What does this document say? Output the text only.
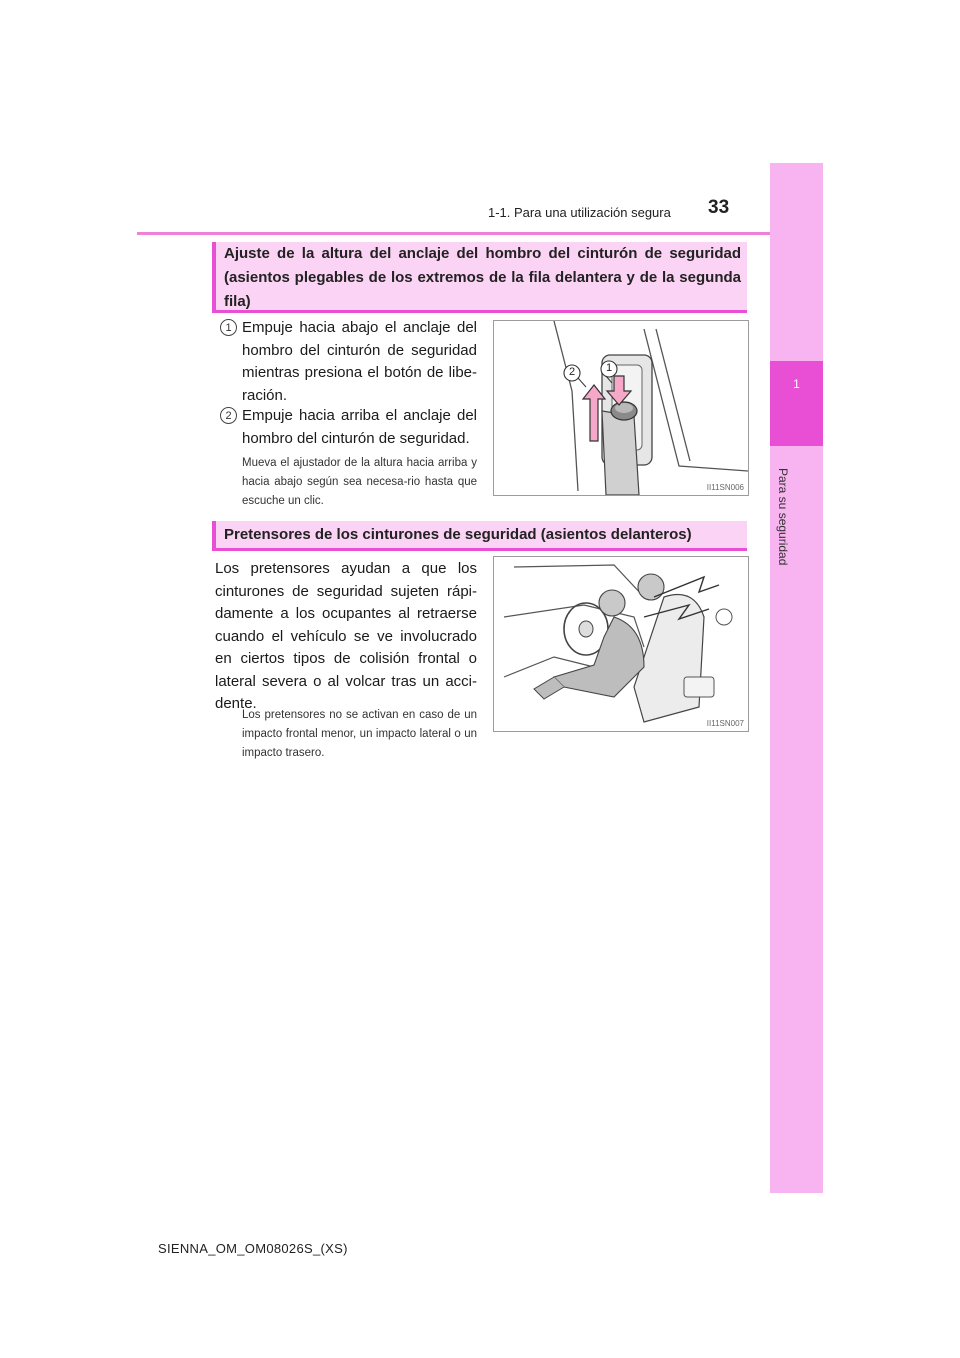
1-1. Para una utilización segura 33
1
Para su seguridad
Ajuste de la altura del anclaje del hombro del cinturón de seguridad (asientos plegables de los extremos de la fila delantera y de la segunda fila)
1 Empuje hacia abajo el anclaje del hombro del cinturón de seguridad mientras presiona el botón de libe-ración.
2 Empuje hacia arriba el anclaje del hombro del cinturón de seguridad.
Mueva el ajustador de la altura hacia arriba y hacia abajo según sea necesa-rio hasta que escuche un clic.
1
2
II11SN006
Pretensores de los cinturones de seguridad (asientos delanteros)
Los pretensores ayudan a que los cinturones de seguridad sujeten rápi-damente a los ocupantes al retraerse cuando el vehículo se ve involucrado en ciertos tipos de colisión frontal o lateral severa o al volcar tras un acci-dente.
Los pretensores no se activan en caso de un impacto frontal menor, un impacto lateral o un impacto trasero.
II11SN007
SIENNA_OM_OM08026S_(XS)
